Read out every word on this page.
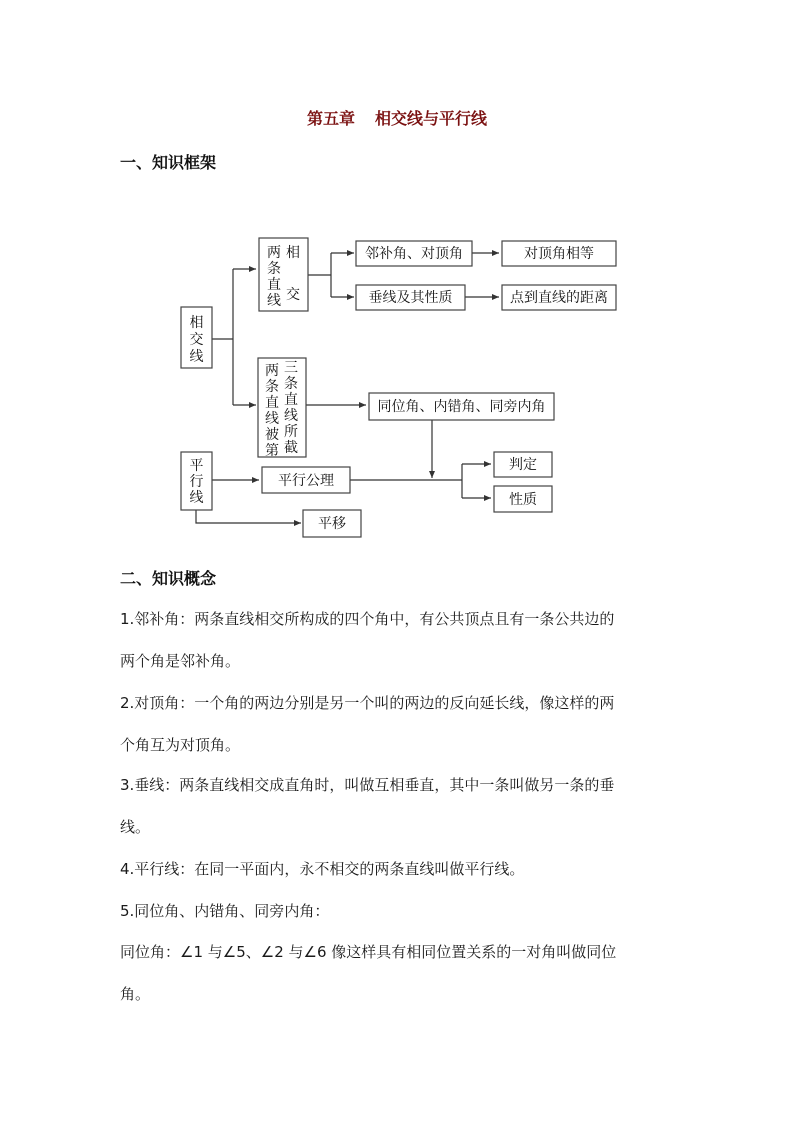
第五章 相交线与平行线
一、知识框架
相
交
线
两
条
直
线
相
交
邻补角、对顶角	对顶角相等
垂线及其性质	点到直线的距离
两
条
直
线
被
第
三
条
直
线
所
截
同位角、内错角、同旁内角
平
行
线
平行公理
平移
判定
性质
二、知识概念
1.邻补角：两条直线相交所构成的四个角中，有公共顶点且有一条公共边的
两个角是邻补角。
2.对顶角：一个角的两边分别是另一个叫的两边的反向延长线，像这样的两
个角互为对顶角。
3.垂线：两条直线相交成直角时，叫做互相垂直，其中一条叫做另一条的垂
线。
4.平行线：在同一平面内，永不相交的两条直线叫做平行线。
5.同位角、内错角、同旁内角：
同位角：∠1 与∠5、∠2 与∠6 像这样具有相同位置关系的一对角叫做同位
角。
